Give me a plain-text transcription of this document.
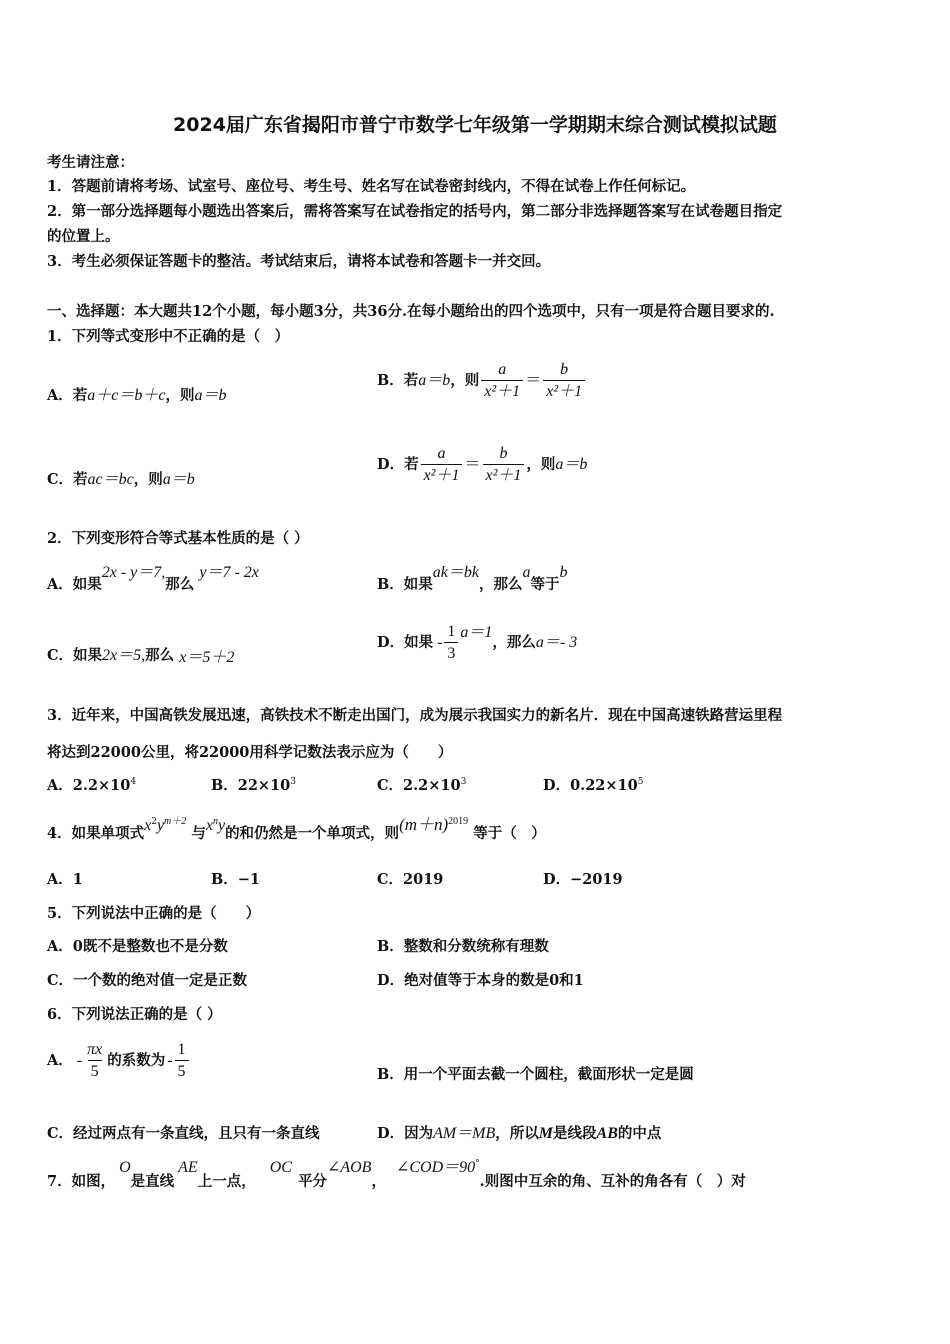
2024届广东省揭阳市普宁市数学七年级第一学期期末综合测试模拟试题
考生请注意：
1．答题前请将考场、试室号、座位号、考生号、姓名写在试卷密封线内，不得在试卷上作任何标记。
2．第一部分选择题每小题选出答案后，需将答案写在试卷指定的括号内，第二部分非选择题答案写在试卷题目指定
的位置上。
3．考生必须保证答题卡的整洁。考试结束后，请将本试卷和答题卡一并交回。
一、选择题：本大题共12个小题，每小题3分，共36分.在每小题给出的四个选项中，只有一项是符合题目要求的.
1．下列等式变形中不正确的是（　）
A．若a＋c＝b＋c，则a＝b
B．若 a＝b ，则 $\frac{a}{\text{x²＋1}} = \frac{b}{\text{x²＋1}}$
C．若ac＝bc，则a＝b
D．若 $\frac{a}{\text{x²＋1}} = \frac{b}{\text{x²＋1}}$ ，则 a＝b
2．下列变形符合等式基本性质的是（ ）
A．如果2x - y＝7,那么 y＝7 - 2x
B．如果ak＝bk，那么a等于b
C．如果2x＝5,那么 x＝5＋2
D．如果 - $\frac{1}{3} a=1$
，那么 a＝- 3
3．近年来，中国高铁发展迅速，高铁技术不断走出国门，成为展示我国实力的新名片．现在中国高速铁路营运里程
将达到22000公里，将22000用科学记数法表示应为（　　）
A．$2.2\times 10^4$	B．$22\times 10^3$	C．$2.2\times 10^3$	D．$0.22\times 10^5$
4．如果单项式$x^2y^{m+2}$ 与$x^ny$的和仍然是一个单项式，则$(m+n)^{2019}$ 等于（　）
A．1	B．−1	C．2019	D．−2019
5．下列说法中正确的是（　　）
A．0既不是整数也不是分数	B．整数和分数统称有理数
C．一个数的绝对值一定是正数	D．绝对值等于本身的数是0和1
6．下列说法正确的是（ ）
A． - $\frac{\pi x}{5}$ 的系数为 - $\frac{1}{5}$	B．用一个平面去截一个圆柱，截面形状一定是圆
C．经过两点有一条直线，且只有一条直线	D．因为AM＝MB，所以M是线段AB的中点
7．如图，O是直线AE上一点，OC平分∠AOB，∠COD＝90°.则图中互余的角、互补的角各有（　）对
